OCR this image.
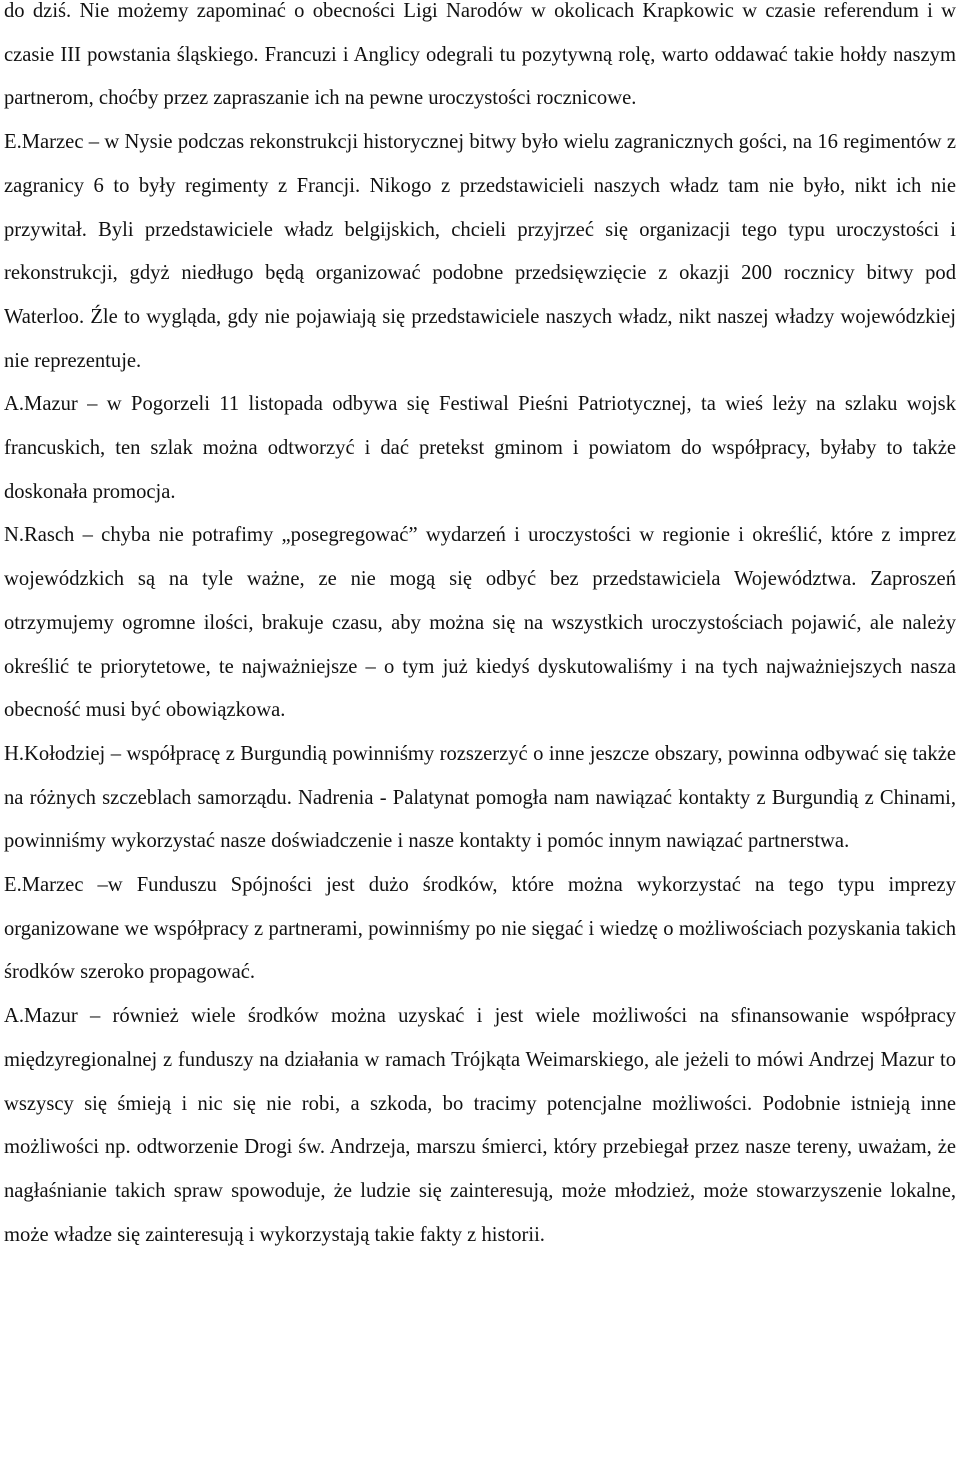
do dziś. Nie możemy zapominać o obecności Ligi Narodów w okolicach Krapkowic w czasie referendum i w czasie III powstania śląskiego. Francuzi i Anglicy odegrali tu pozytywną rolę, warto oddawać takie hołdy naszym partnerom, choćby przez zapraszanie ich na pewne uroczystości rocznicowe.

E.Marzec – w Nysie podczas rekonstrukcji historycznej bitwy było wielu zagranicznych gości, na 16 regimentów z zagranicy 6 to były regimenty z Francji. Nikogo z przedstawicieli naszych władz tam nie było, nikt ich nie przywitał. Byli przedstawiciele władz belgijskich, chcieli przyjrzeć się organizacji tego typu uroczystości i rekonstrukcji, gdyż niedługo będą organizować podobne przedsięwzięcie z okazji 200 rocznicy bitwy pod Waterloo. Źle to wygląda, gdy nie pojawiają się przedstawiciele naszych władz, nikt naszej władzy wojewódzkiej nie reprezentuje.

A.Mazur – w Pogorzeli 11 listopada odbywa się Festiwal Pieśni Patriotycznej, ta wieś leży na szlaku wojsk francuskich, ten szlak można odtworzyć i dać pretekst gminom i powiatom do współpracy, byłaby to także doskonała promocja.

N.Rasch – chyba nie potrafimy „posegregować” wydarzeń i uroczystości w regionie i określić, które z imprez wojewódzkich są na tyle ważne, ze nie mogą się odbyć bez przedstawiciela Województwa. Zaproszeń otrzymujemy ogromne ilości, brakuje czasu, aby można się na wszystkich uroczystościach pojawić, ale należy określić te priorytetowe, te najważniejsze – o tym już kiedyś dyskutowaliśmy i na tych najważniejszych nasza obecność musi być obowiązkowa.

H.Kołodziej – współpracę z Burgundią powinniśmy rozszerzyć o inne jeszcze obszary, powinna odbywać się także na różnych szczeblach samorządu. Nadrenia - Palatynat pomogła nam nawiązać kontakty z Burgundią z Chinami, powinniśmy wykorzystać nasze doświadczenie i nasze kontakty i pomóc innym nawiązać partnerstwa.

E.Marzec –w Funduszu Spójności jest dużo środków, które można wykorzystać na tego typu imprezy organizowane we współpracy z partnerami, powinniśmy po nie sięgać i wiedzę o możliwościach pozyskania takich środków szeroko propagować.

A.Mazur – również wiele środków można uzyskać i jest wiele możliwości na sfinansowanie współpracy międzyregionalnej z funduszy na działania w ramach Trójkąta Weimarskiego, ale jeżeli to mówi Andrzej Mazur to wszyscy się śmieją i nic się nie robi, a szkoda, bo tracimy potencjalne możliwości. Podobnie istnieją inne możliwości np. odtworzenie Drogi św. Andrzeja, marszu śmierci, który przebiegał przez nasze tereny, uważam, że nagłaśnianie takich spraw spowoduje, że ludzie się zainteresują, może młodzież, może stowarzyszenie lokalne, może władze się zainteresują i wykorzystają takie fakty z historii.
